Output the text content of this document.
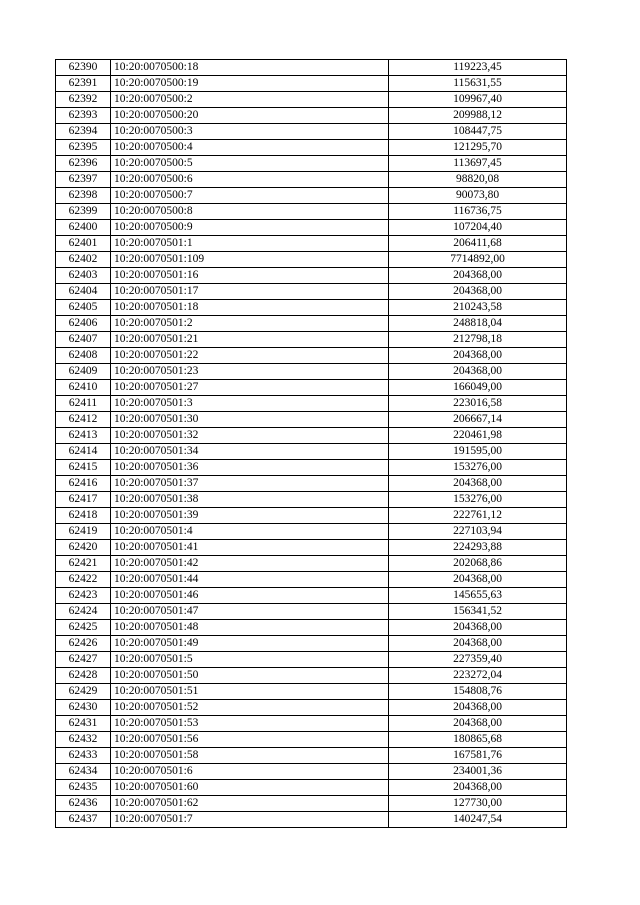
62390	10:20:0070500:18	119223,45
62391	10:20:0070500:19	115631,55
62392	10:20:0070500:2	109967,40
62393	10:20:0070500:20	209988,12
62394	10:20:0070500:3	108447,75
62395	10:20:0070500:4	121295,70
62396	10:20:0070500:5	113697,45
62397	10:20:0070500:6	98820,08
62398	10:20:0070500:7	90073,80
62399	10:20:0070500:8	116736,75
62400	10:20:0070500:9	107204,40
62401	10:20:0070501:1	206411,68
62402	10:20:0070501:109	7714892,00
62403	10:20:0070501:16	204368,00
62404	10:20:0070501:17	204368,00
62405	10:20:0070501:18	210243,58
62406	10:20:0070501:2	248818,04
62407	10:20:0070501:21	212798,18
62408	10:20:0070501:22	204368,00
62409	10:20:0070501:23	204368,00
62410	10:20:0070501:27	166049,00
62411	10:20:0070501:3	223016,58
62412	10:20:0070501:30	206667,14
62413	10:20:0070501:32	220461,98
62414	10:20:0070501:34	191595,00
62415	10:20:0070501:36	153276,00
62416	10:20:0070501:37	204368,00
62417	10:20:0070501:38	153276,00
62418	10:20:0070501:39	222761,12
62419	10:20:0070501:4	227103,94
62420	10:20:0070501:41	224293,88
62421	10:20:0070501:42	202068,86
62422	10:20:0070501:44	204368,00
62423	10:20:0070501:46	145655,63
62424	10:20:0070501:47	156341,52
62425	10:20:0070501:48	204368,00
62426	10:20:0070501:49	204368,00
62427	10:20:0070501:5	227359,40
62428	10:20:0070501:50	223272,04
62429	10:20:0070501:51	154808,76
62430	10:20:0070501:52	204368,00
62431	10:20:0070501:53	204368,00
62432	10:20:0070501:56	180865,68
62433	10:20:0070501:58	167581,76
62434	10:20:0070501:6	234001,36
62435	10:20:0070501:60	204368,00
62436	10:20:0070501:62	127730,00
62437	10:20:0070501:7	140247,54
